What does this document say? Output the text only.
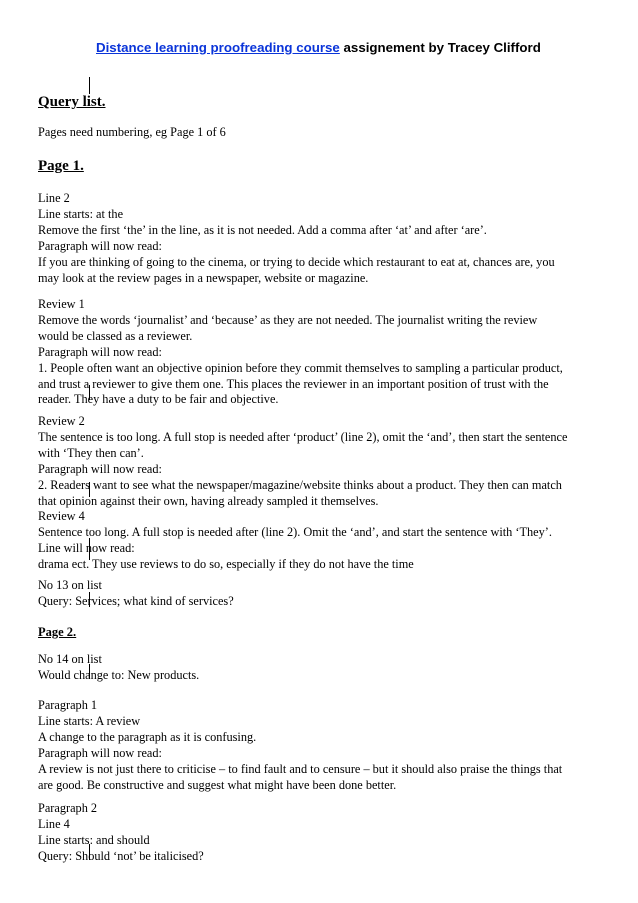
Distance learning proofreading course assignement by Tracey Clifford
Query list.
Pages need numbering, eg Page 1 of 6
Page 1.
Line 2
Line starts: at the
Remove the first ‘the’ in the line, as it is not needed. Add a comma after ‘at’ and after ‘are’.
Paragraph will now read:
If you are thinking of going to the cinema, or trying to decide which restaurant to eat at, chances are, you
may look at the review pages in a newspaper, website or magazine.
Review 1
Remove the words ‘journalist’ and ‘because’ as they are not needed. The journalist writing the review
would be classed as a reviewer.
Paragraph will now read:
1. People often want an objective opinion before they commit themselves to sampling a particular product,
and trust a reviewer to give them one. This places the reviewer in an important position of trust with the
reader. They have a duty to be fair and objective.
Review 2
The sentence is too long. A full stop is needed after ‘product’ (line 2), omit the ‘and’, then start the sentence
with ‘They then can’.
Paragraph will now read:
2. Readers want to see what the newspaper/magazine/website thinks about a product. They then can match
that opinion against their own, having already sampled it themselves.
Review 4
Sentence too long. A full stop is needed after (line 2). Omit the ‘and’, and start the sentence with ‘They’.
Line will now read:
drama ect. They use reviews to do so, especially if they do not have the time
No 13 on list
Query: Services; what kind of services?
Page 2.
No 14 on list
Would change to: New products.
Paragraph 1
Line starts: A review
A change to the paragraph as it is confusing.
Paragraph will now read:
A review is not just there to criticise – to find fault and to censure – but it should also praise the things that
are good. Be constructive and suggest what might have been done better.
Paragraph 2
Line 4
Line starts: and should
Query: Should ‘not’ be italicised?
